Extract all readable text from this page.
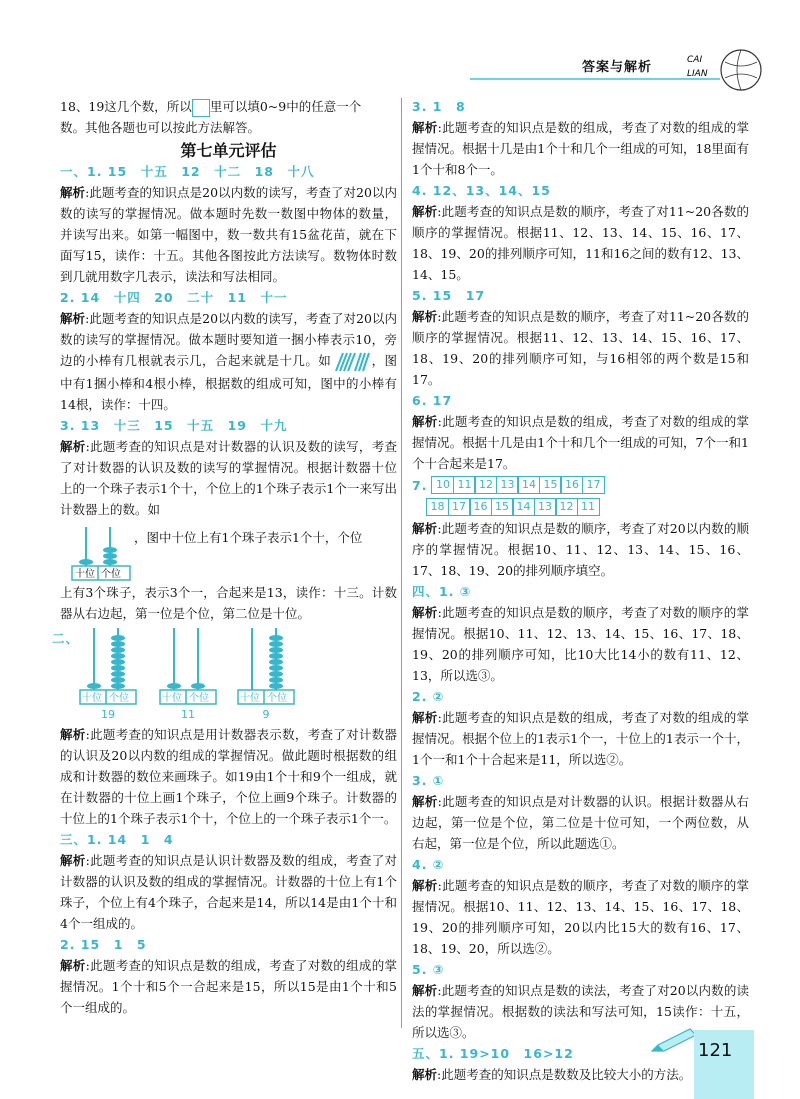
答案与解析	CAI
LIAN

18、19这几个数，所以 里可以填0~9中的任意一个

数。其他各题也可以按此方法解答。

第七单元评估

一、1. 15　十五　12　十二　18　十八

解析:此题考查的知识点是20以内数的读写，考查了对20以内数的读写的掌握情况。做本题时先数一数图中物体的数量，并读写出来。如第一幅图中，数一数共有15盆花苗，就在下面写15，读作：十五。其他各图按此方法读写。数物体时数到几就用数字几表示，读法和写法相同。

2. 14　十四　20　二十　11　十一

解析:此题考查的知识点是20以内数的读写，考查了对20以内数的读写的掌握情况。做本题时要知道一捆小棒表示10，旁边的小棒有几根就表示几，合起来就是十几。如	，图中有1捆小棒和4根小棒，根据数的组成可知，图中的小棒有14根，读作：十四。

3. 13　十三　15　十五　19　十九

解析:此题考查的知识点是对计数器的认识及数的读写，考查了对计数器的认识及数的读写的掌握情况。根据计数器十位上的一个珠子表示1个十，个位上的1个珠子表示1个一来写出计数器上的数。如

十位 个位

，图中十位上有1个珠子表示1个十，个位

上有3个珠子，表示3个一，合起来是13，读作：十三。计数器从右边起，第一位是个位，第二位是十位。

二、
十位 个位
19
十位 个位
11
十位 个位
9

解析:此题考查的知识点是用计数器表示数，考查了对计数器的认识及20以内数的组成的掌握情况。做此题时根据数的组成和计数器的数位来画珠子。如19由1个十和9个一组成，就在计数器的十位上画1个珠子，个位上画9个珠子。计数器的十位上的1个珠子表示1个十，个位上的一个珠子表示1个一。

三、1. 14　1　4

解析:此题考查的知识点是认识计数器及数的组成，考查了对计数器的认识及数的组成的掌握情况。计数器的十位上有1个珠子，个位上有4个珠子，合起来是14，所以14是由1个十和4个一组成的。

2. 15　1　5

解析:此题考查的知识点是数的组成，考查了对数的组成的掌握情况。1个十和5个一合起来是15，所以15是由1个十和5个一组成的。

3. 1　8

解析:此题考查的知识点是数的组成，考查了对数的组成的掌握情况。根据十几是由1个十和几个一组成的可知，18里面有1个十和8个一。

4. 12、13、14、15

解析:此题考查的知识点是数的顺序，考查了对11~20各数的顺序的掌握情况。根据11、12、13、14、15、16、17、18、19、20的排列顺序可知，11和16之间的数有12、13、14、15。

5. 15　17

解析:此题考查的知识点是数的顺序，考查了对11~20各数的顺序的掌握情况。根据11、12、13、14、15、16、17、18、19、20的排列顺序可知，与16相邻的两个数是15和17。

6. 17

解析:此题考查的知识点是数的组成，考查了对数的组成的掌握情况。根据十几是由1个十和几个一组成的可知，7个一和1个十合起来是17。

7. 10 11 12 13 14 15 16 17
18 17 16 15 14 13 12 11

解析:此题考查的知识点是数的顺序，考查了对20以内数的顺序的掌握情况。根据10、11、12、13、14、15、16、17、18、19、20的排列顺序填空。

四、1. ③

解析:此题考查的知识点是数的顺序，考查了对数的顺序的掌握情况。根据10、11、12、13、14、15、16、17、18、19、20的排列顺序可知，比10大比14小的数有11、12、13，所以选③。

2. ②

解析:此题考查的知识点是数的组成，考查了对数的组成的掌握情况。根据个位上的1表示1个一，十位上的1表示一个十，1个一和1个十合起来是11，所以选②。

3. ①

解析:此题考查的知识点是对计数器的认识。根据计数器从右边起，第一位是个位，第二位是十位可知，一个两位数，从右起，第一位是个位，所以此题选①。

4. ②

解析:此题考查的知识点是数的顺序，考查了对数的顺序的掌握情况。根据10、11、12、13、14、15、16、17、18、19、20的排列顺序可知，20以内比15大的数有16、17、18、19、20，所以选②。

5. ③

解析:此题考查的知识点是数的读法，考查了对20以内数的读法的掌握情况。根据数的读法和写法可知，15读作：十五，所以选③。

五、1. 19>10　16>12

解析:此题考查的知识点是数数及比较大小的方法。

121
